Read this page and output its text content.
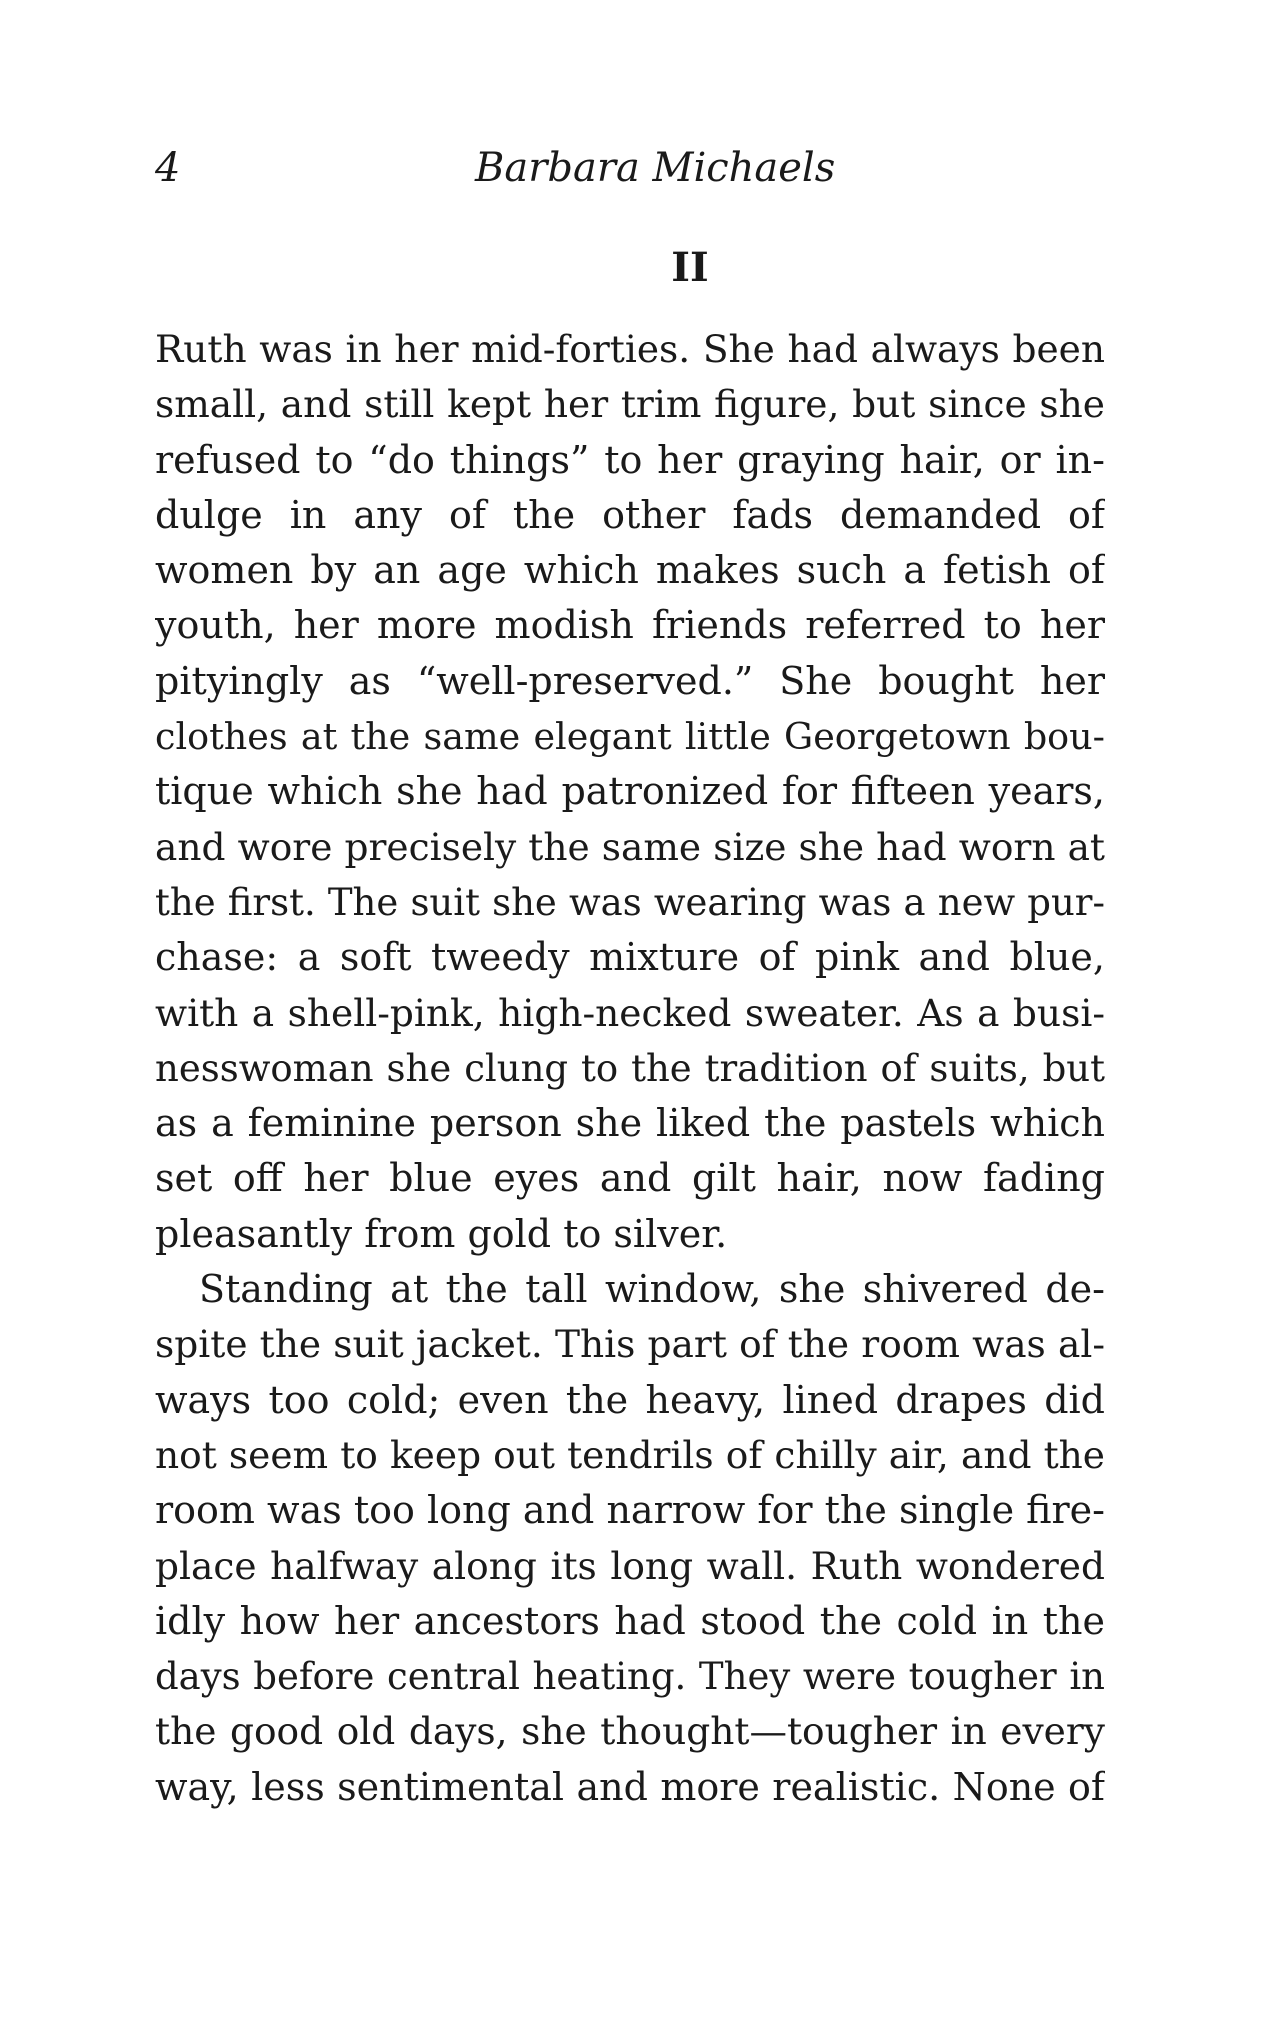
4	Barbara Michaels
II
Ruth was in her mid-forties. She had always been
small, and still kept her trim figure, but since she
refused to “do things” to her graying hair, or in-
dulge in any of the other fads demanded of
women by an age which makes such a fetish of
youth, her more modish friends referred to her
pityingly as “well-preserved.” She bought her
clothes at the same elegant little Georgetown bou-
tique which she had patronized for fifteen years,
and wore precisely the same size she had worn at
the first. The suit she was wearing was a new pur-
chase: a soft tweedy mixture of pink and blue,
with a shell-pink, high-necked sweater. As a busi-
nesswoman she clung to the tradition of suits, but
as a feminine person she liked the pastels which
set off her blue eyes and gilt hair, now fading
pleasantly from gold to silver.
Standing at the tall window, she shivered de-
spite the suit jacket. This part of the room was al-
ways too cold; even the heavy, lined drapes did
not seem to keep out tendrils of chilly air, and the
room was too long and narrow for the single fire-
place halfway along its long wall. Ruth wondered
idly how her ancestors had stood the cold in the
days before central heating. They were tougher in
the good old days, she thought—tougher in every
way, less sentimental and more realistic. None of
